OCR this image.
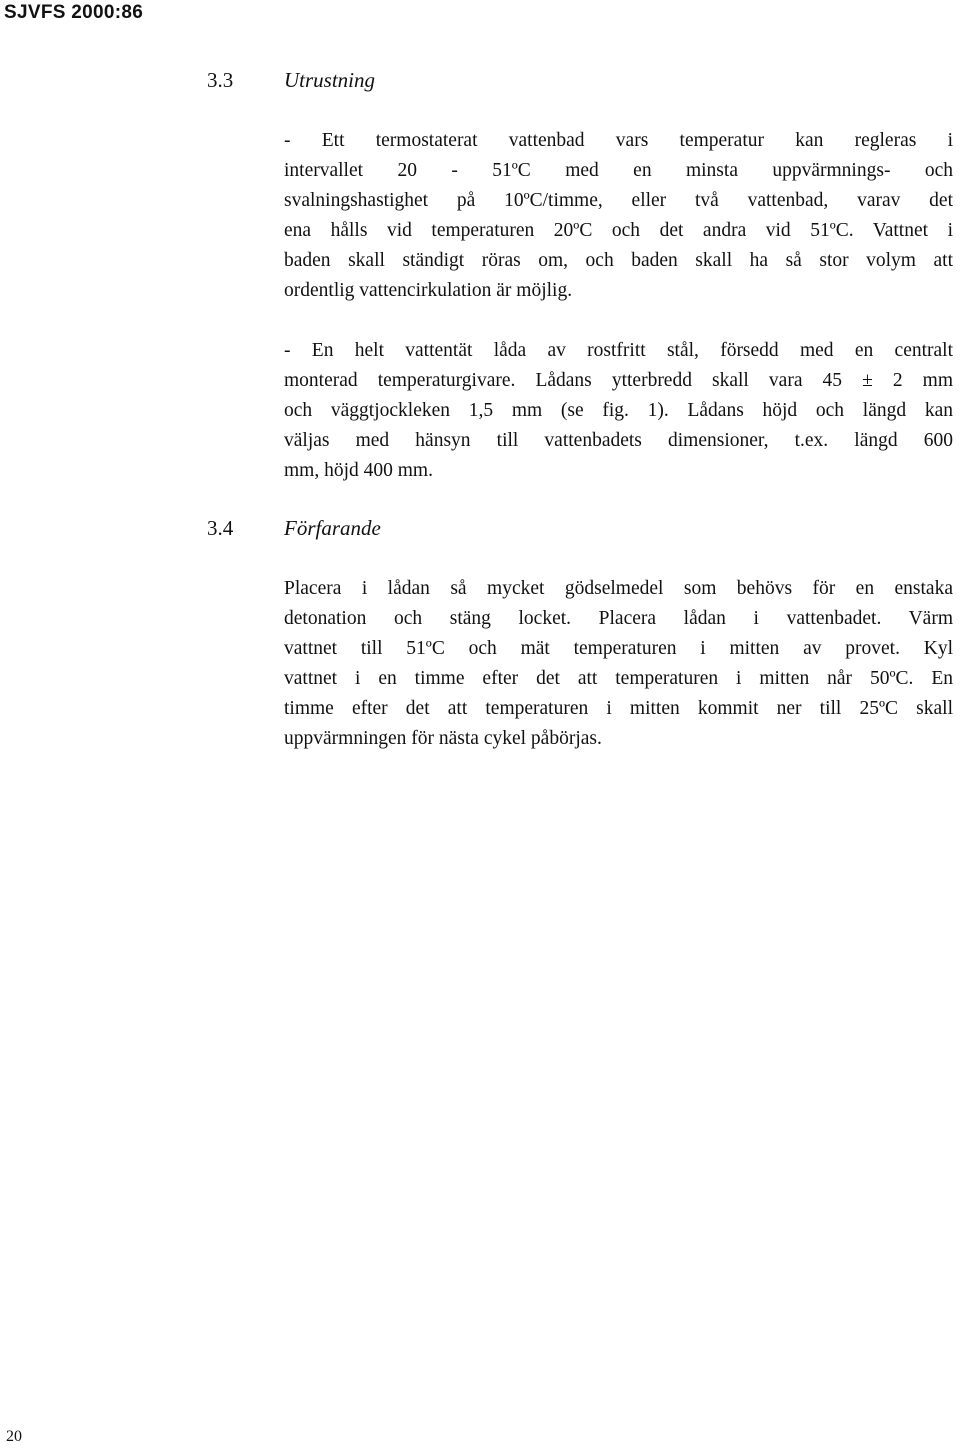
SJVFS 2000:86
3.3 Utrustning
- Ett termostaterat vattenbad vars temperatur kan regleras i
intervallet 20 - 51ºC med en minsta uppvärmnings- och
svalningshastighet på 10ºC/timme, eller två vattenbad, varav det
ena hålls vid temperaturen 20ºC och det andra vid 51ºC. Vattnet i
baden skall ständigt röras om, och baden skall ha så stor volym att
ordentlig vattencirkulation är möjlig.
- En helt vattentät låda av rostfritt stål, försedd med en centralt
monterad temperaturgivare. Lådans ytterbredd skall vara 45 ± 2 mm
och väggtjockleken 1,5 mm (se fig. 1). Lådans höjd och längd kan
väljas med hänsyn till vattenbadets dimensioner, t.ex. längd 600
mm, höjd 400 mm.
3.4 Förfarande
Placera i lådan så mycket gödselmedel som behövs för en enstaka
detonation och stäng locket. Placera lådan i vattenbadet. Värm
vattnet till 51ºC och mät temperaturen i mitten av provet. Kyl
vattnet i en timme efter det att temperaturen i mitten når 50ºC. En
timme efter det att temperaturen i mitten kommit ner till 25ºC skall
uppvärmningen för nästa cykel påbörjas.
20
